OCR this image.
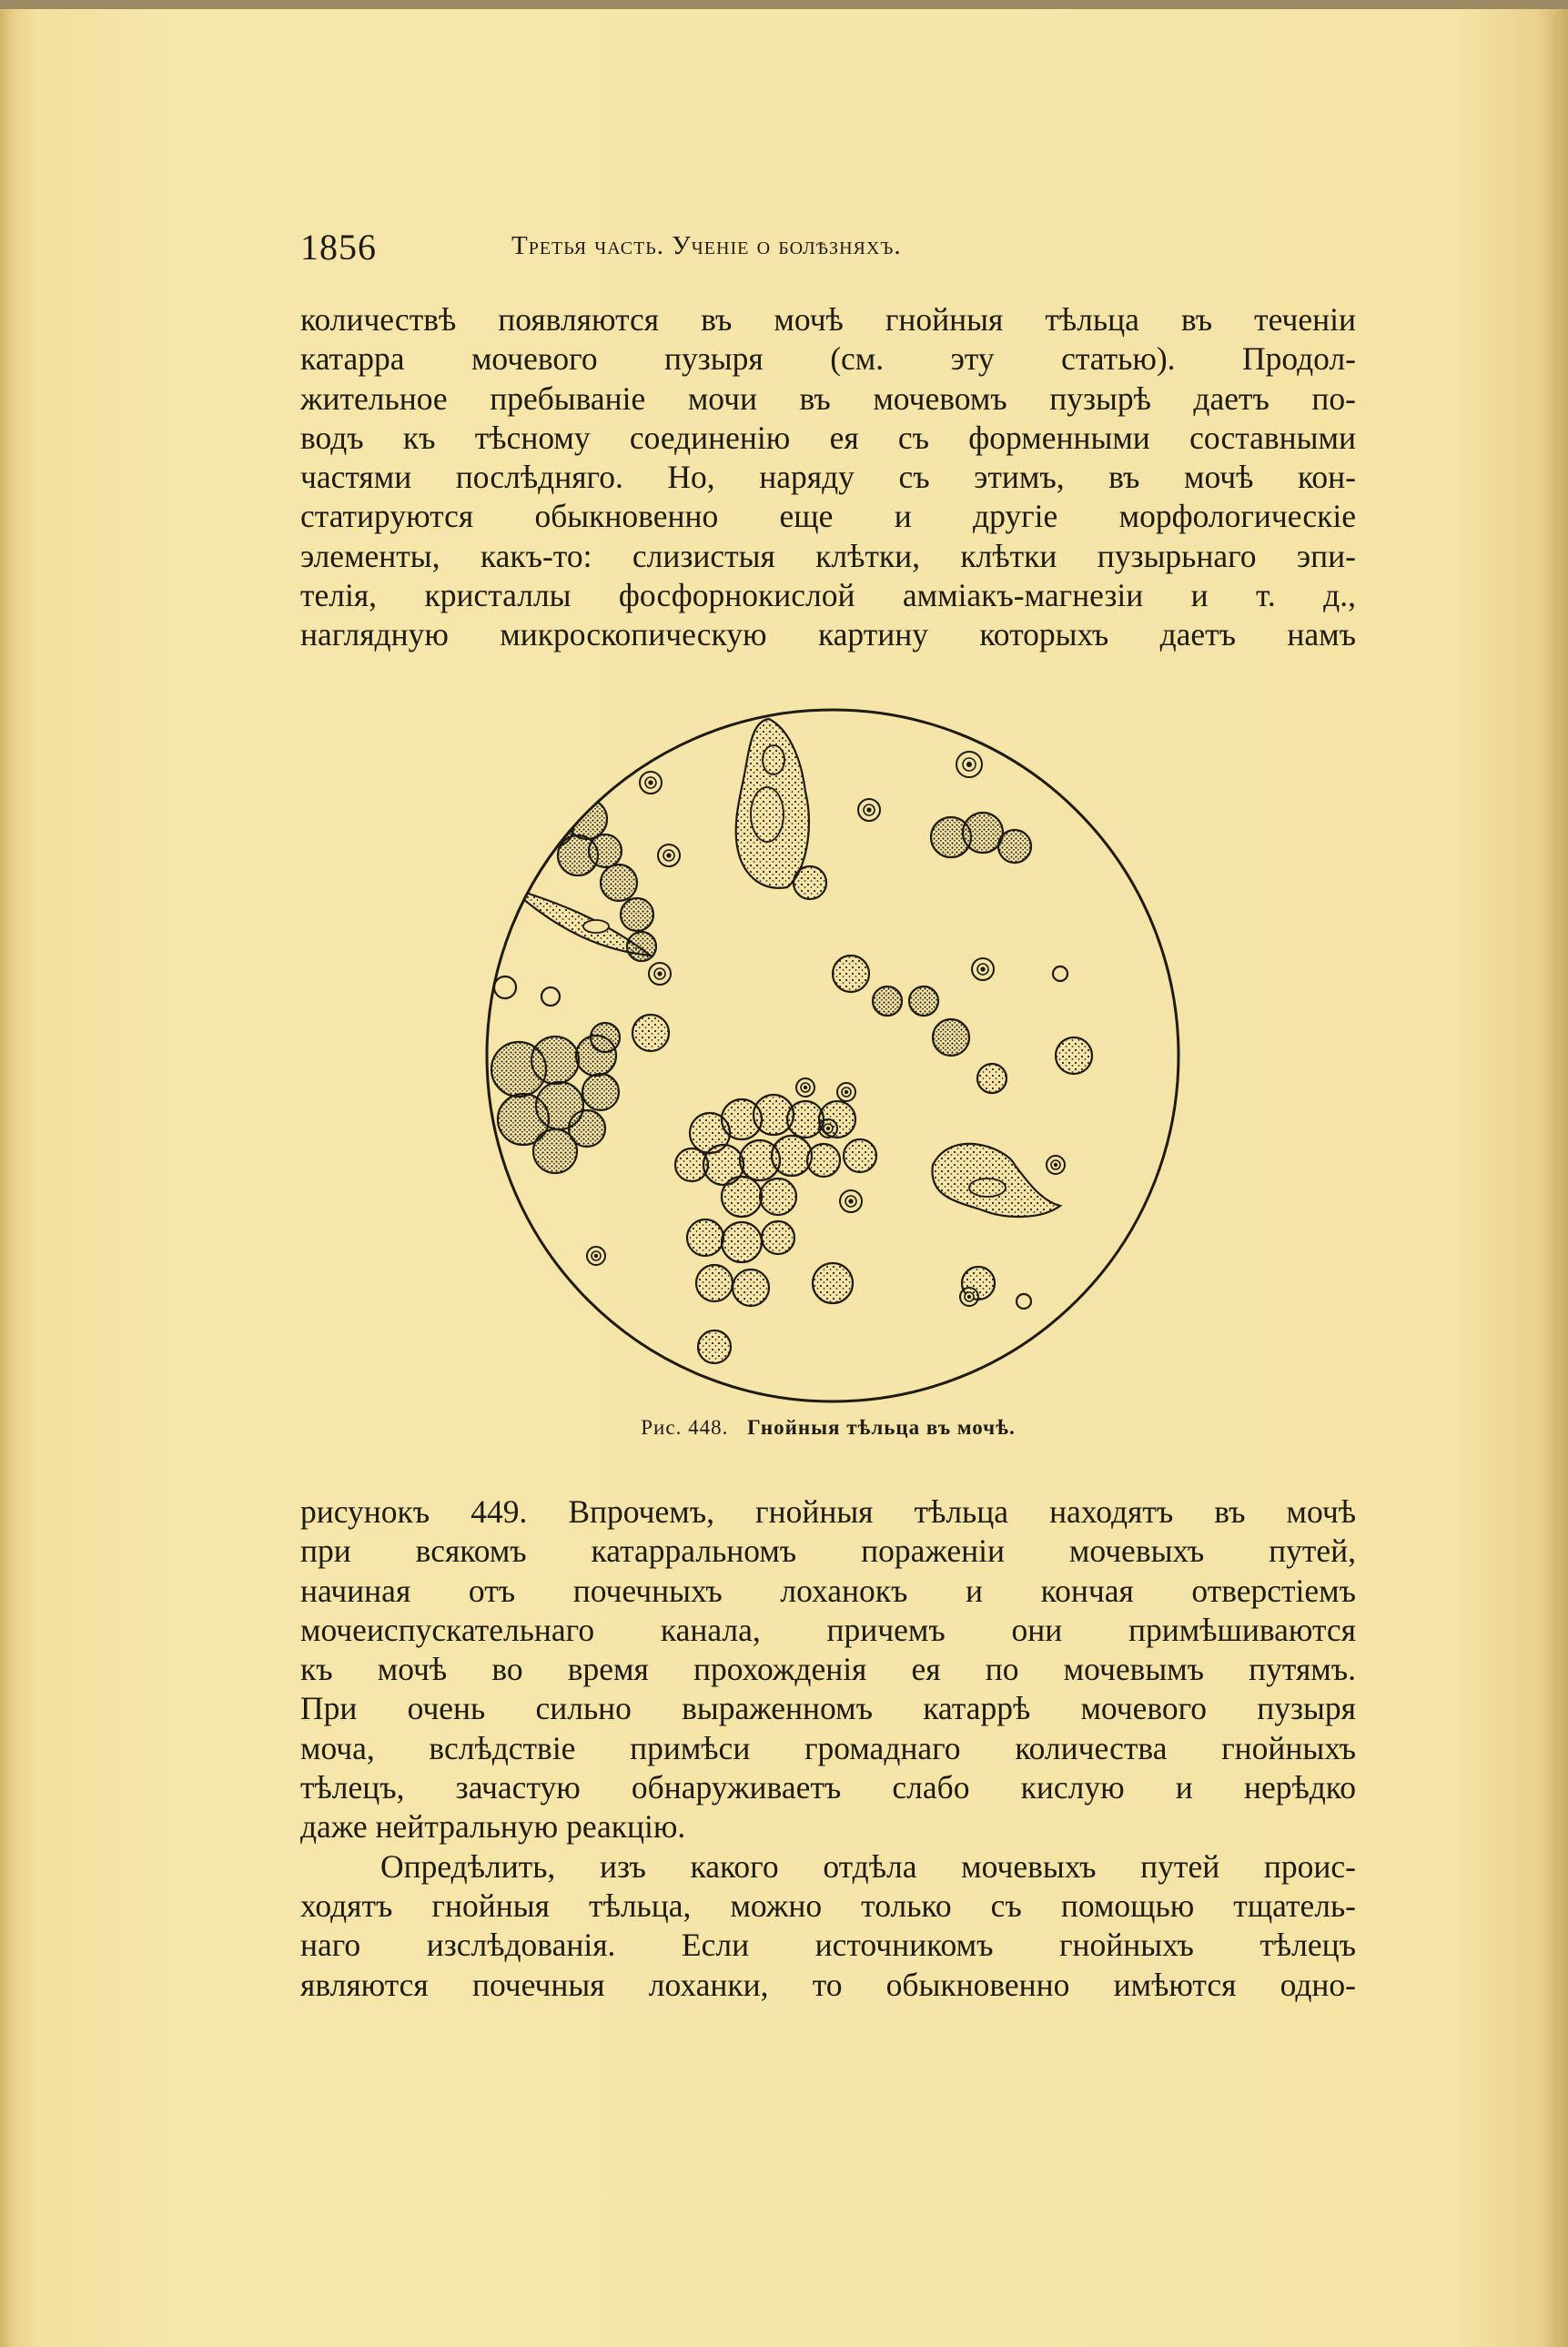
1856	Третья часть. Ученіе о болѣзняхъ.
количествѣ появляются въ мочѣ гнойныя тѣльца въ теченіи
катарра мочевого пузыря (см. эту статью). Продол-
жительное пребываніе мочи въ мочевомъ пузырѣ даетъ по-
водъ къ тѣсному соединенію ея съ форменными составными
частями послѣдняго. Но, наряду съ этимъ, въ мочѣ кон-
статируются обыкновенно еще и другіе морфологическіе
элементы, какъ-то: слизистыя клѣтки, клѣтки пузырьнаго эпи-
телія, кристаллы фосфорнокислой амміакъ-магнезіи и т. д.,
наглядную микроскопическую картину которыхъ даетъ намъ
Рис. 448. Гнойныя тѣльца въ мочѣ.
рисунокъ 449. Впрочемъ, гнойныя тѣльца находятъ въ мочѣ
при всякомъ катарральномъ пораженіи мочевыхъ путей,
начиная отъ почечныхъ лоханокъ и кончая отверстіемъ
мочеиспускательнаго канала, причемъ они примѣшиваются
къ мочѣ во время прохожденія ея по мочевымъ путямъ.
При очень сильно выраженномъ катаррѣ мочевого пузыря
моча, вслѣдствіе примѣси громаднаго количества гнойныхъ
тѣлецъ, зачастую обнаруживаетъ слабо кислую и нерѣдко
даже нейтральную реакцію.
Опредѣлить, изъ какого отдѣла мочевыхъ путей проис-
ходятъ гнойныя тѣльца, можно только съ помощью тщатель-
наго изслѣдованія. Если источникомъ гнойныхъ тѣлецъ
являются почечныя лоханки, то обыкновенно имѣются одно-
